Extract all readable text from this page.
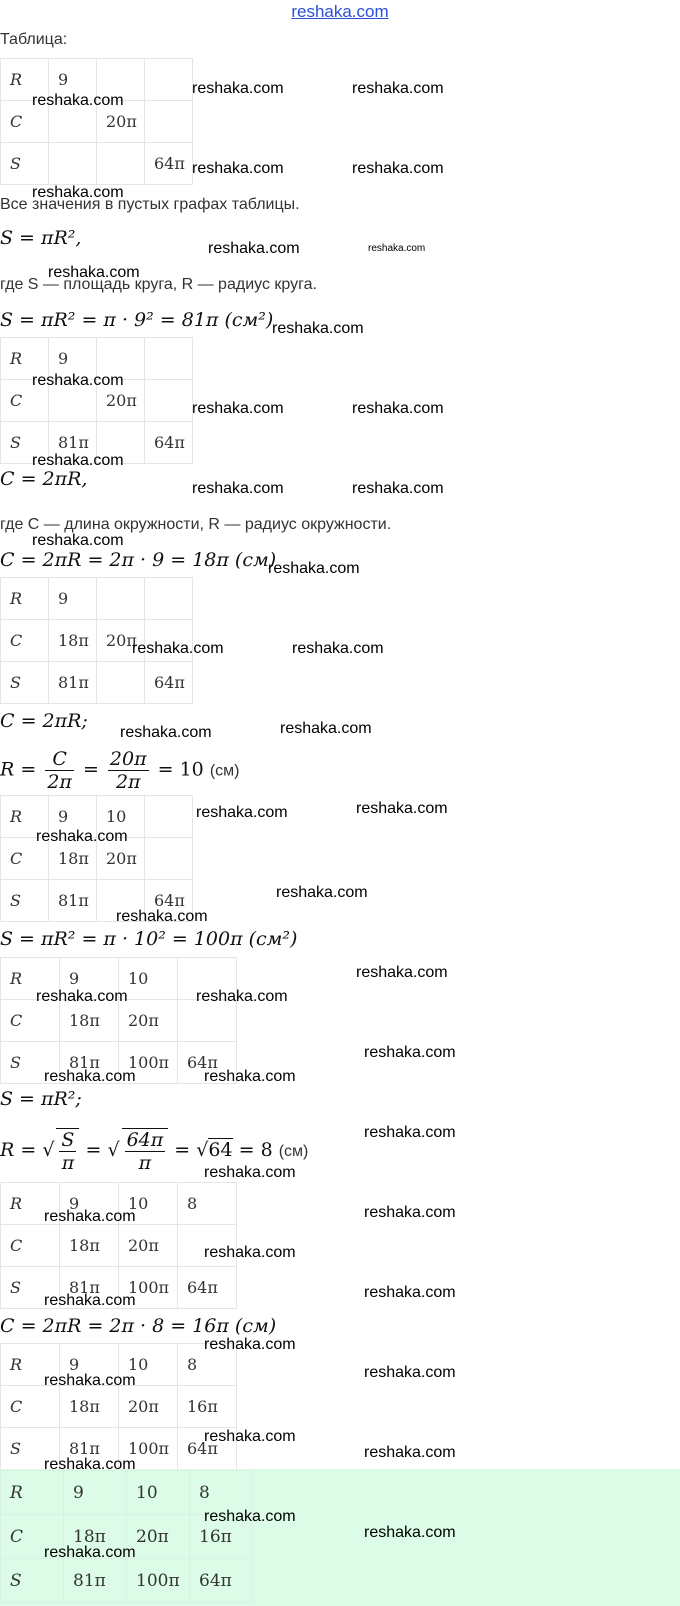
reshaka.com
Таблица:
R	9		
C		20π	
S			64π
Все значения в пустых графах таблицы.
S = πR²,
где S — площадь круга, R — радиус круга.
S = πR² = π · 9² = 81π (см²)
R	9		
C		20π	
S	81π		64π
C = 2πR,
где C — длина окружности, R — радиус окружности.
C = 2πR = 2π · 9 = 18π (см)
R	9		
C	18π	20π	
S	81π		64π
C = 2πR;
$R = \frac{C}{2\pi} = \frac{20\pi}{2\pi} = 10$ (см)
R	9	10	
C	18π	20π	
S	81π		64π
S = πR² = π · 10² = 100π (см²)
R	9	10	
C	18π	20π	
S	81π	100π	64π
S = πR²;
R = √ $\frac{S}{\pi}$ = √ $\frac{64\pi}{\pi} = √64 = 8$ (см)
R	9	10	8
C	18π	20π	
S	81π	100π	64π
C = 2πR = 2π · 8 = 16π (см)
R	9	10	8
C	18π	20π	16π
S	81π	100π	64π
R	9	10	8
C	18π	20π	16π
S	81π	100π	64π
reshaka.com
reshaka.com	reshaka.com
reshaka.com	reshaka.com
reshaka.com
reshaka.com	reshaka.com
reshaka.com
reshaka.com
reshaka.com
reshaka.com	reshaka.com
reshaka.com
reshaka.com	reshaka.com
reshaka.com
reshaka.com
reshaka.com	reshaka.com
reshaka.com	reshaka.com
reshaka.com	reshaka.com
reshaka.com
reshaka.com
reshaka.com
reshaka.com
reshaka.com	reshaka.com
reshaka.com
reshaka.com	reshaka.com
reshaka.com
reshaka.com
reshaka.com	reshaka.com
reshaka.com
reshaka.com
reshaka.com
reshaka.com
reshaka.com
reshaka.com
reshaka.com
reshaka.com
reshaka.com
reshaka.com
reshaka.com
reshaka.com
